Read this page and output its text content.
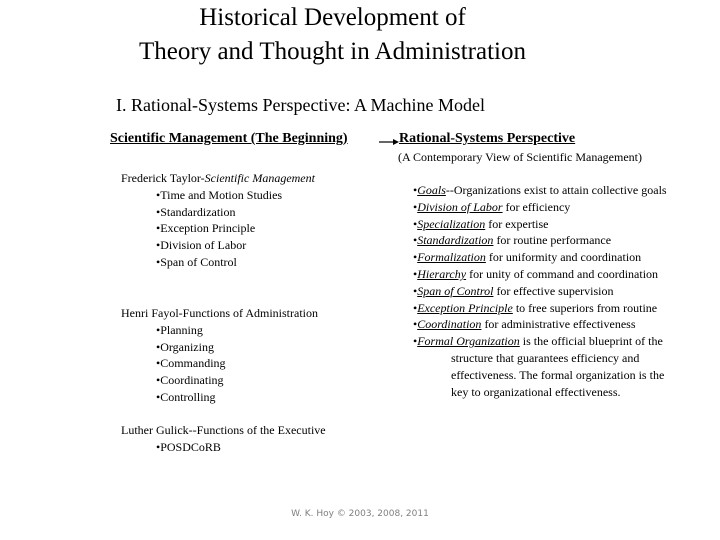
Historical Development of
Theory and Thought in Administration
I. Rational-Systems Perspective: A Machine Model
Scientific Management (The Beginning)	Rational-Systems Perspective
(A Contemporary View of Scientific Management)
Frederick Taylor-Scientific Management
•Time and Motion Studies
•Standardization
•Exception Principle
•Division of Labor
•Span of Control
Henri Fayol-Functions of Administration
•Planning
•Organizing
•Commanding
•Coordinating
•Controlling
Luther Gulick--Functions of the Executive
•POSDCoRB
•Goals--Organizations exist to attain collective goals
•Division of Labor for efficiency
•Specialization for expertise
•Standardization for routine performance
•Formalization for uniformity and coordination
•Hierarchy for unity of command and coordination
•Span of Control for effective supervision
•Exception Principle to free superiors from routine
•Coordination for administrative effectiveness
•Formal Organization is the official blueprint of the
structure that guarantees efficiency and
effectiveness. The formal organization is the
key to organizational effectiveness.
W. K. Hoy © 2003, 2008, 2011
